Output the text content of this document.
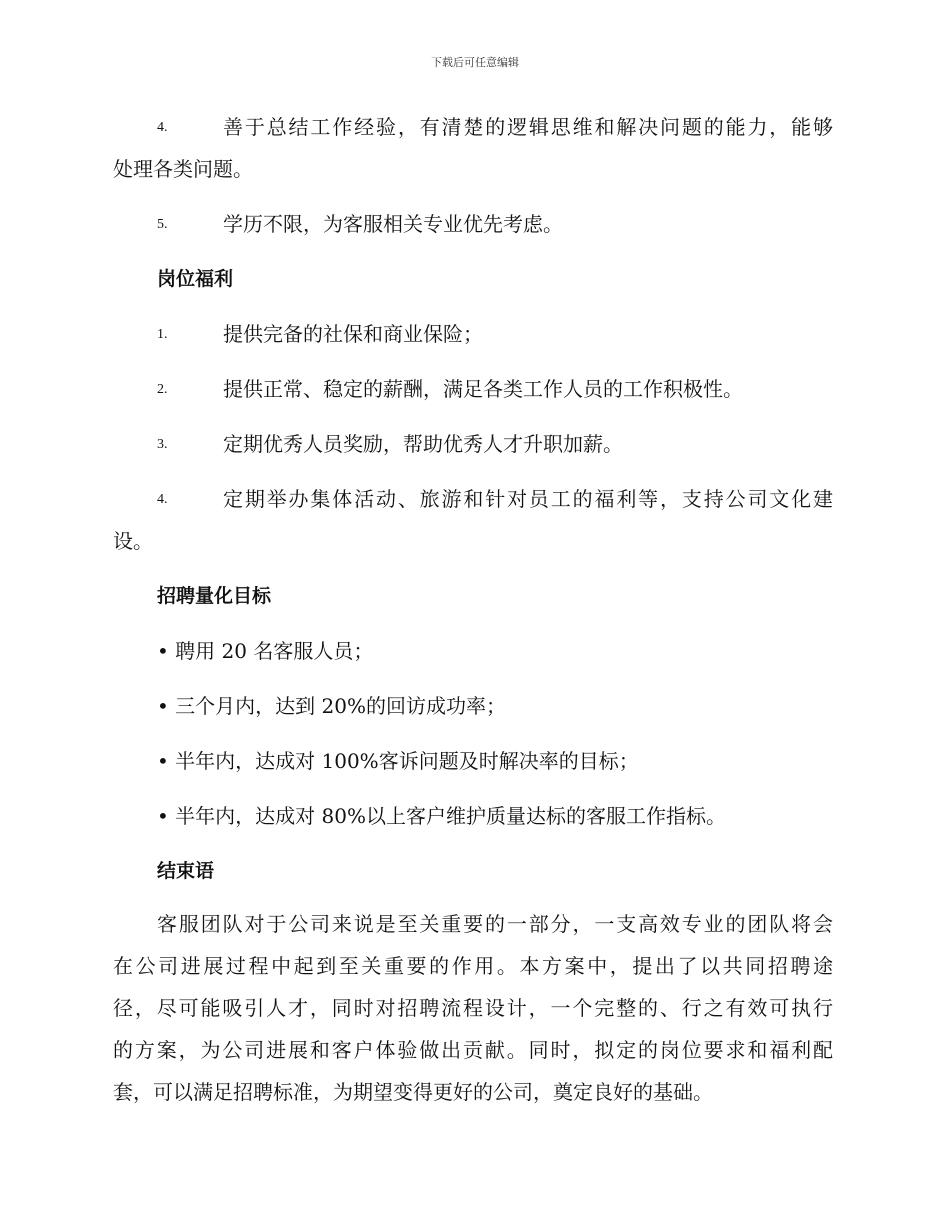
下载后可任意编辑
4.	善于总结工作经验，有清楚的逻辑思维和解决问题的能力，能够
处理各类问题。
5.	学历不限，为客服相关专业优先考虑。
岗位福利
1.	提供完备的社保和商业保险；
2.	提供正常、稳定的薪酬，满足各类工作人员的工作积极性。
3.	定期优秀人员奖励，帮助优秀人才升职加薪。
4.	定期举办集体活动、旅游和针对员工的福利等，支持公司文化建
设。
招聘量化目标
• 聘用 20 名客服人员；
• 三个月内，达到 20%的回访成功率；
• 半年内，达成对 100%客诉问题及时解决率的目标；
• 半年内，达成对 80%以上客户维护质量达标的客服工作指标。
结束语
客服团队对于公司来说是至关重要的一部分，一支高效专业的团队将会
在公司进展过程中起到至关重要的作用。本方案中，提出了以共同招聘途
径，尽可能吸引人才，同时对招聘流程设计，一个完整的、行之有效可执行
的方案，为公司进展和客户体验做出贡献。同时，拟定的岗位要求和福利配
套，可以满足招聘标准，为期望变得更好的公司，奠定良好的基础。
